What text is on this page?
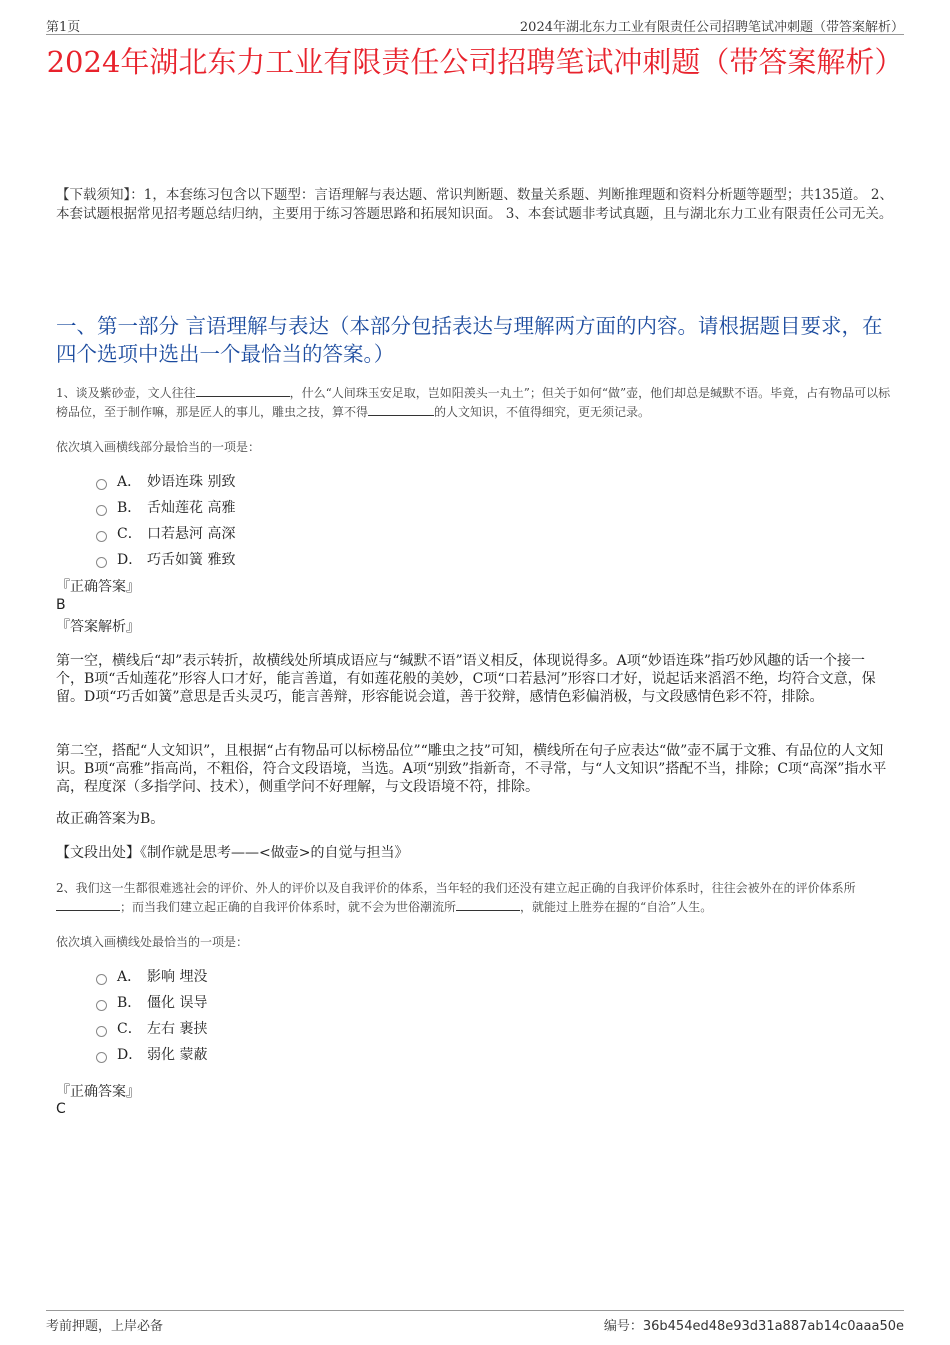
第1页	2024年湖北东力工业有限责任公司招聘笔试冲刺题（带答案解析）
2024年湖北东力工业有限责任公司招聘笔试冲刺题（带答案解析）
【下载须知】：1，本套练习包含以下题型：言语理解与表达题、常识判断题、数量关系题、判断推理题和资料分析题等题型；共135道。 2、本套试题根据常见招考题总结归纳，主要用于练习答题思路和拓展知识面。 3、本套试题非考试真题，且与湖北东力工业有限责任公司无关。
一、第一部分 言语理解与表达（本部分包括表达与理解两方面的内容。请根据题目要求，在四个选项中选出一个最恰当的答案。）
1、谈及紫砂壶，文人往往	，什么“人间珠玉安足取，岂如阳羡头一丸土”；但关于如何“做”壶，他们却总是缄默不语。毕竟，占有物品可以标榜品位，至于制作嘛，那是匠人的事儿，雕虫之技，算不得	的人文知识，不值得细究，更无须记录。
依次填入画横线部分最恰当的一项是：
A． 妙语连珠 别致
B． 舌灿莲花 高雅
C． 口若悬河 高深
D． 巧舌如簧 雅致
『正确答案』
B
『答案解析』
第一空，横线后“却”表示转折，故横线处所填成语应与“缄默不语”语义相反，体现说得多。A项“妙语连珠”指巧妙风趣的话一个接一个，B项“舌灿莲花”形容人口才好，能言善道，有如莲花般的美妙，C项“口若悬河”形容口才好，说起话来滔滔不绝，均符合文意，保留。D项“巧舌如簧”意思是舌头灵巧，能言善辩，形容能说会道，善于狡辩，感情色彩偏消极，与文段感情色彩不符，排除。
第二空，搭配“人文知识”，且根据“占有物品可以标榜品位”“雕虫之技”可知，横线所在句子应表达“做”壶不属于文雅、有品位的人文知识。B项“高雅”指高尚，不粗俗，符合文段语境，当选。A项“别致”指新奇，不寻常，与“人文知识”搭配不当，排除；C项“高深”指水平高，程度深（多指学问、技术），侧重学问不好理解，与文段语境不符，排除。
故正确答案为B。
【文段出处】《制作就是思考——<做壶>的自觉与担当》
2、我们这一生都很难逃社会的评价、外人的评价以及自我评价的体系，当年轻的我们还没有建立起正确的自我评价体系时，往往会被外在的评价体系所；而当我们建立起正确的自我评价体系时，就不会为世俗潮流所	，就能过上胜券在握的“自洽”人生。
依次填入画横线处最恰当的一项是：
A． 影响 埋没
B． 僵化 误导
C． 左右 裹挟
D． 弱化 蒙蔽
『正确答案』
C
考前押题，上岸必备	编号：36b454ed48e93d31a887ab14c0aaa50e
